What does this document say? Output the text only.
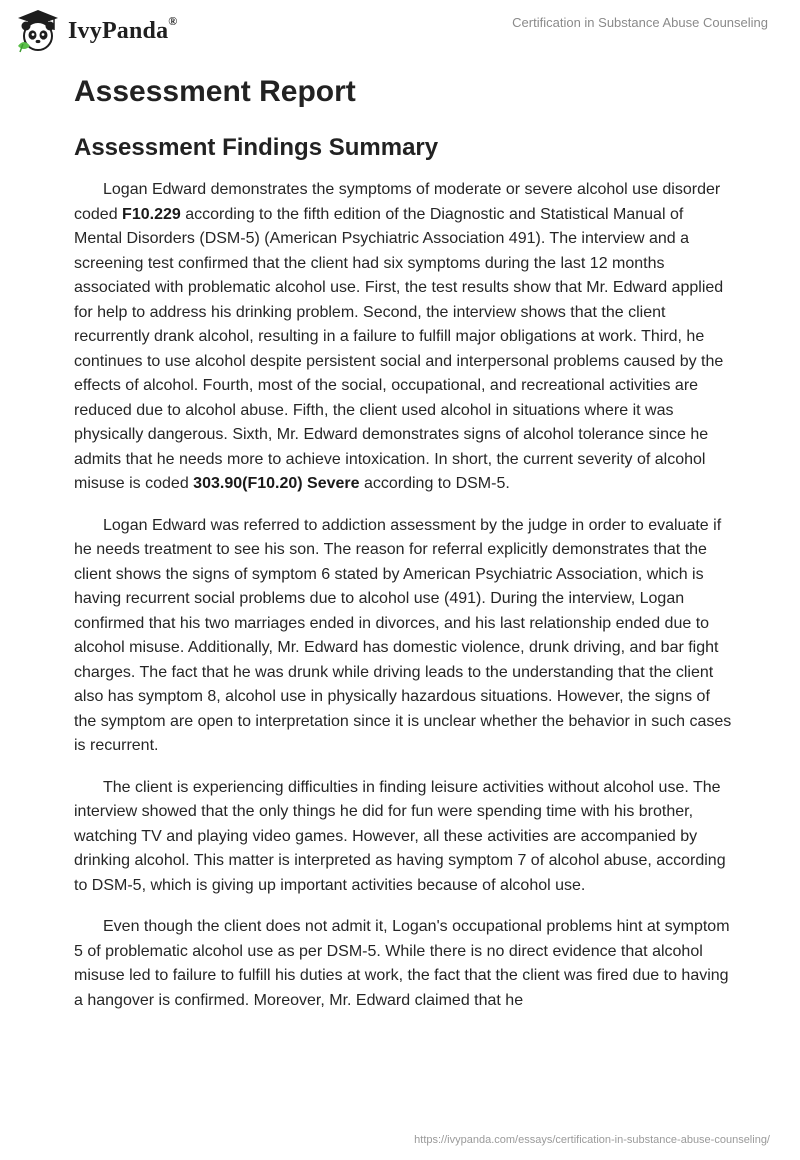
IvyPanda®	Certification in Substance Abuse Counseling
Assessment Report
Assessment Findings Summary

Logan Edward demonstrates the symptoms of moderate or severe alcohol use disorder coded F10.229 according to the fifth edition of the Diagnostic and Statistical Manual of Mental Disorders (DSM-5) (American Psychiatric Association 491). The interview and a screening test confirmed that the client had six symptoms during the last 12 months associated with problematic alcohol use. First, the test results show that Mr. Edward applied for help to address his drinking problem. Second, the interview shows that the client recurrently drank alcohol, resulting in a failure to fulfill major obligations at work. Third, he continues to use alcohol despite persistent social and interpersonal problems caused by the effects of alcohol. Fourth, most of the social, occupational, and recreational activities are reduced due to alcohol abuse. Fifth, the client used alcohol in situations where it was physically dangerous. Sixth, Mr. Edward demonstrates signs of alcohol tolerance since he admits that he needs more to achieve intoxication. In short, the current severity of alcohol misuse is coded 303.90(F10.20) Severe according to DSM-5.

Logan Edward was referred to addiction assessment by the judge in order to evaluate if he needs treatment to see his son. The reason for referral explicitly demonstrates that the client shows the signs of symptom 6 stated by American Psychiatric Association, which is having recurrent social problems due to alcohol use (491). During the interview, Logan confirmed that his two marriages ended in divorces, and his last relationship ended due to alcohol misuse. Additionally, Mr. Edward has domestic violence, drunk driving, and bar fight charges. The fact that he was drunk while driving leads to the understanding that the client also has symptom 8, alcohol use in physically hazardous situations. However, the signs of the symptom are open to interpretation since it is unclear whether the behavior in such cases is recurrent.

The client is experiencing difficulties in finding leisure activities without alcohol use. The interview showed that the only things he did for fun were spending time with his brother, watching TV and playing video games. However, all these activities are accompanied by drinking alcohol. This matter is interpreted as having symptom 7 of alcohol abuse, according to DSM-5, which is giving up important activities because of alcohol use.

Even though the client does not admit it, Logan's occupational problems hint at symptom 5 of problematic alcohol use as per DSM-5. While there is no direct evidence that alcohol misuse led to failure to fulfill his duties at work, the fact that the client was fired due to having a hangover is confirmed. Moreover, Mr. Edward claimed that he

https://ivypanda.com/essays/certification-in-substance-abuse-counseling/
